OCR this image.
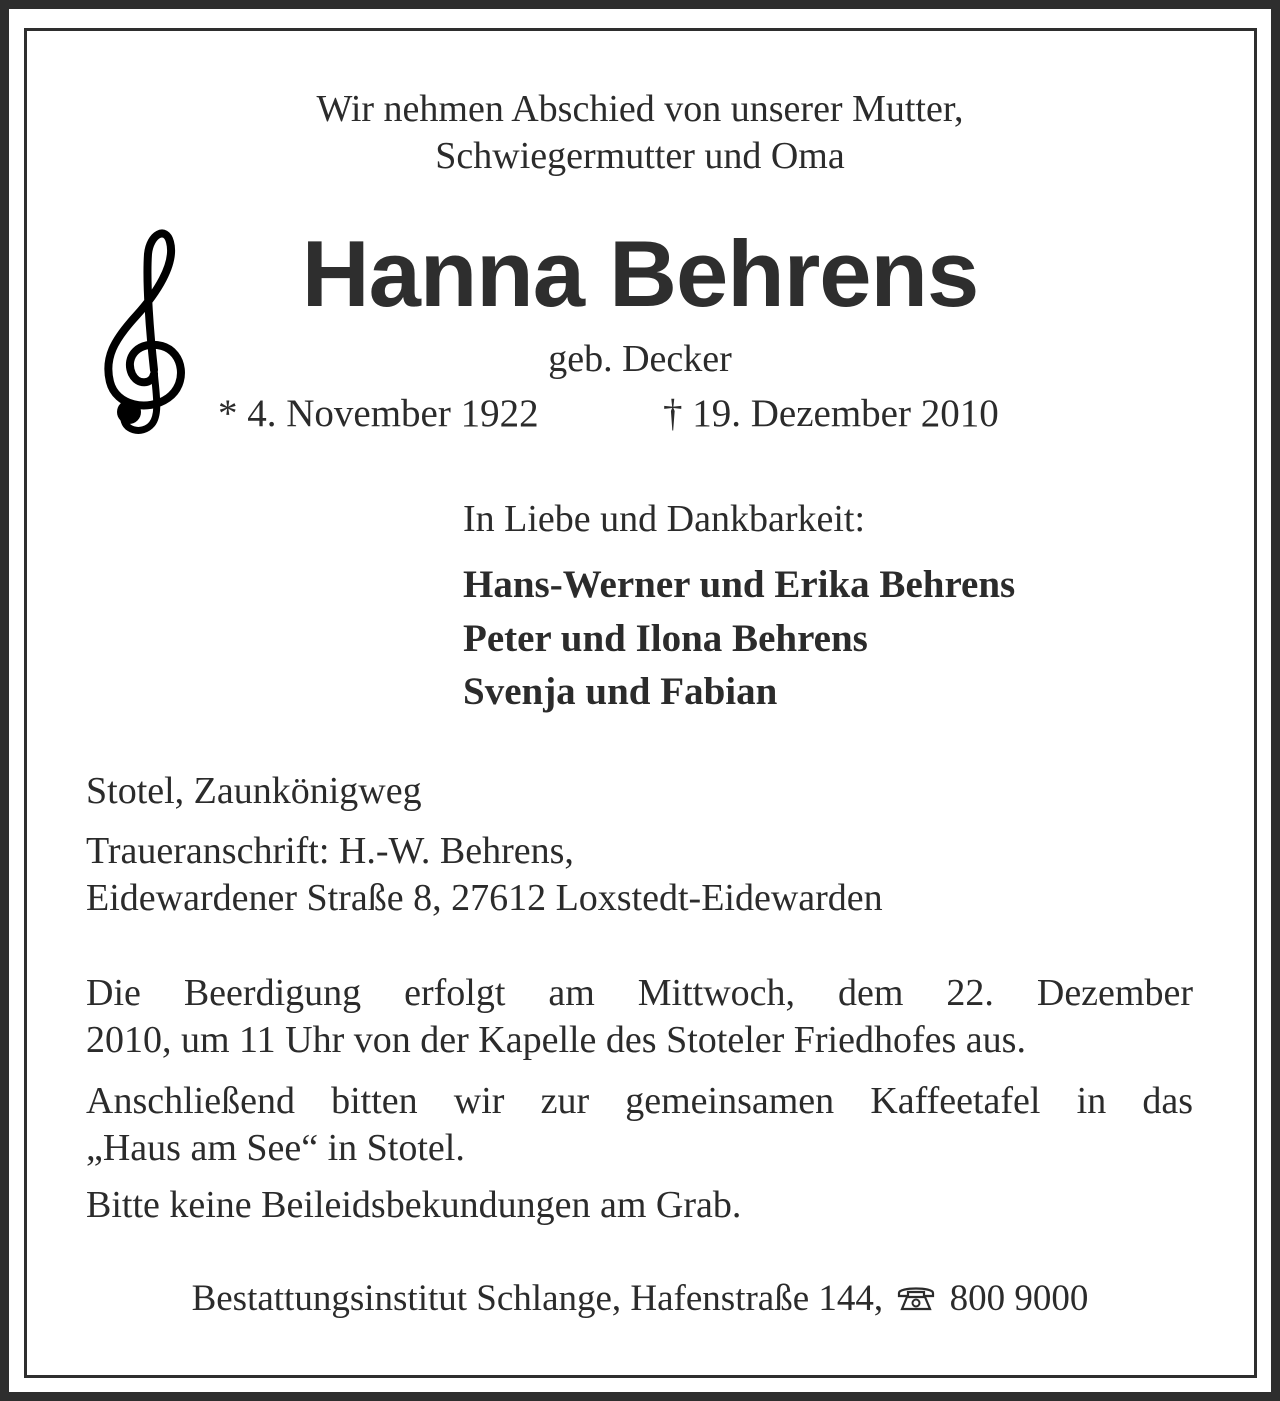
Wir nehmen Abschied von unserer Mutter,
Schwiegermutter und Oma
Hanna Behrens
geb. Decker
* 4. November 1922	† 19. Dezember 2010
In Liebe und Dankbarkeit:
Hans-Werner und Erika Behrens
Peter und Ilona Behrens
Svenja und Fabian
Stotel, Zaunkönigweg
Traueranschrift: H.-W. Behrens,
Eidewardener Straße 8, 27612 Loxstedt-Eidewarden
Die Beerdigung erfolgt am Mittwoch, dem 22. Dezember
2010, um 11 Uhr von der Kapelle des Stoteler Friedhofes aus.
Anschließend bitten wir zur gemeinsamen Kaffeetafel in das
„Haus am See“ in Stotel.
Bitte keine Beileidsbekundungen am Grab.
Bestattungsinstitut Schlange, Hafenstraße 144, 800 9000
